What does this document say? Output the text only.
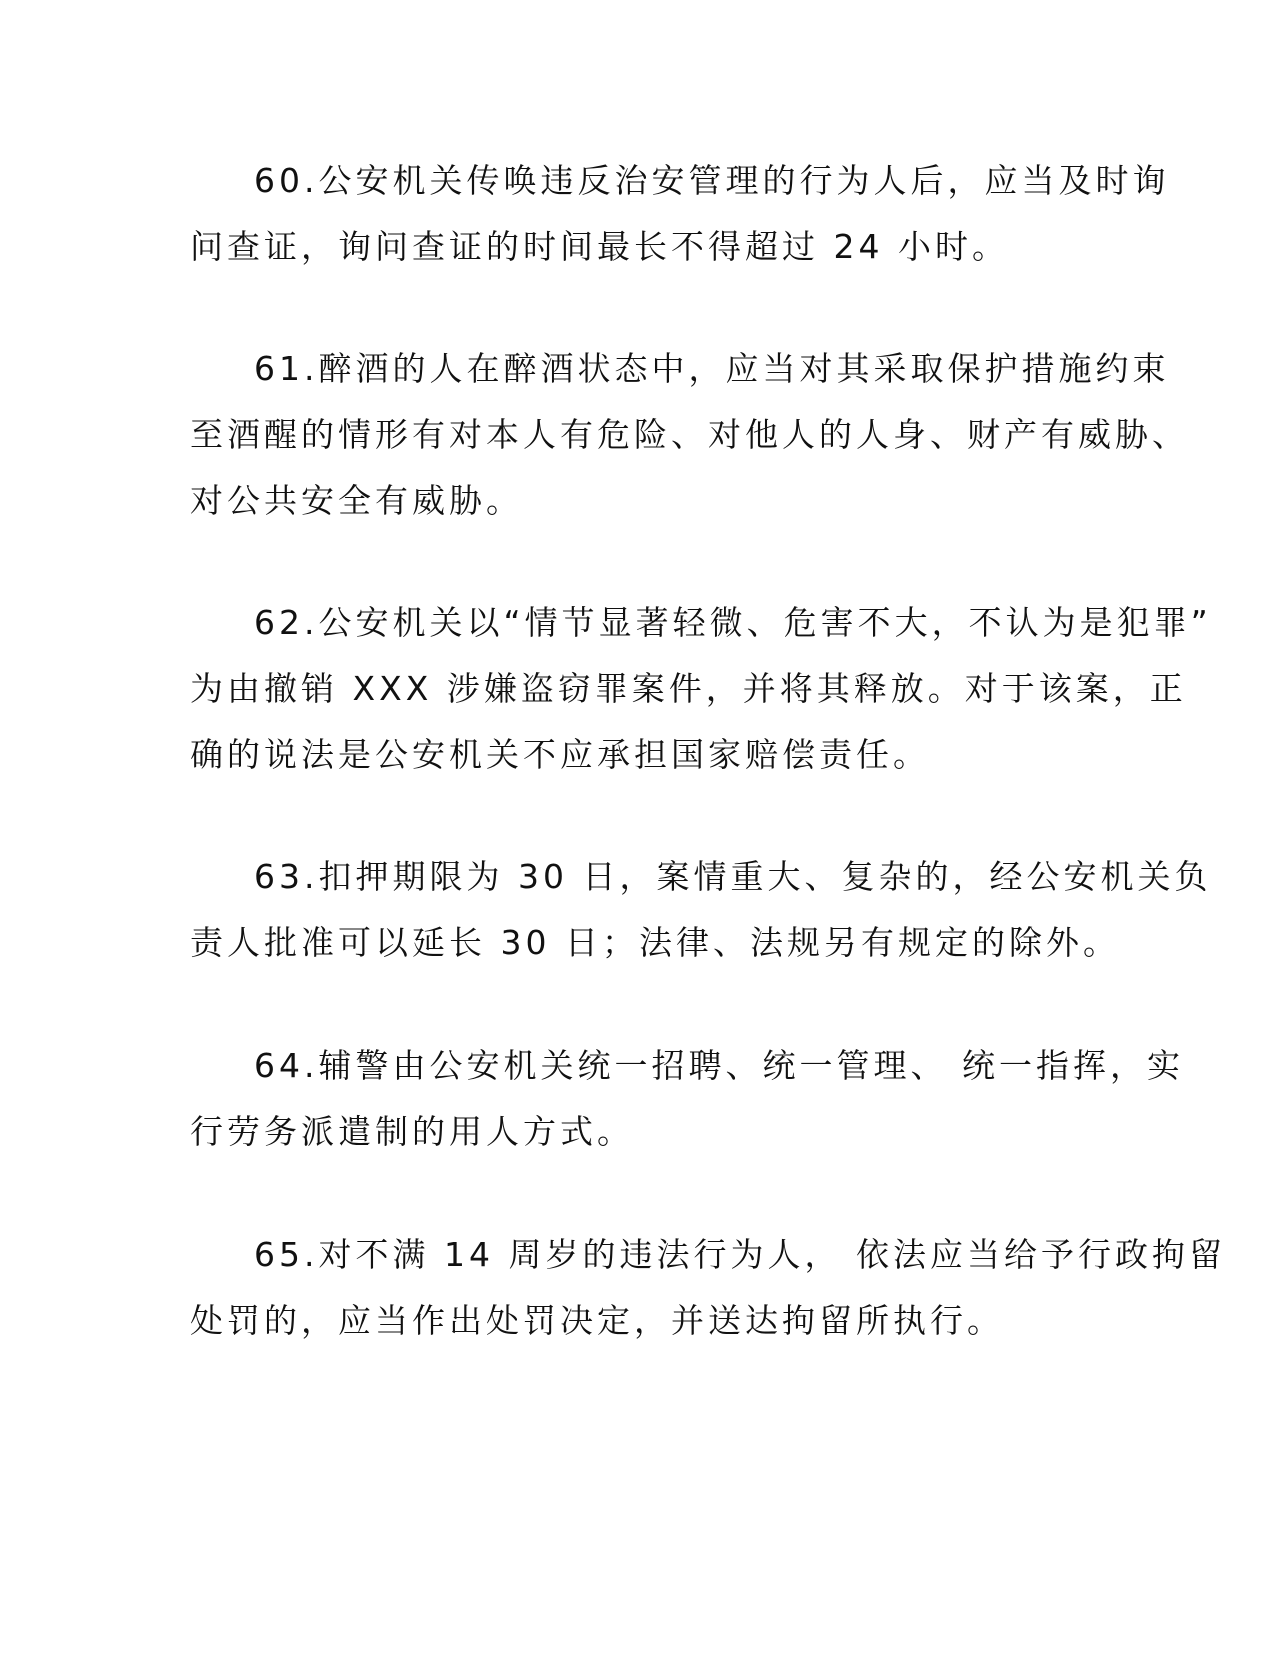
60.公安机关传唤违反治安管理的行为人后，应当及时询
问查证，询问查证的时间最长不得超过 24 小时。
61.醉酒的人在醉酒状态中，应当对其采取保护措施约束
至酒醒的情形有对本人有危险、对他人的人身、财产有威胁、
对公共安全有威胁。
62.公安机关以“情节显著轻微、危害不大，不认为是犯罪”
为由撤销 XXX 涉嫌盗窃罪案件，并将其释放。对于该案，正
确的说法是公安机关不应承担国家赔偿责任。
63.扣押期限为 30 日，案情重大、复杂的，经公安机关负
责人批准可以延长 30 日；法律、法规另有规定的除外。
64.辅警由公安机关统一招聘、统一管理、 统一指挥，实
行劳务派遣制的用人方式。
65.对不满 14 周岁的违法行为人， 依法应当给予行政拘留
处罚的，应当作出处罚决定，并送达拘留所执行。
